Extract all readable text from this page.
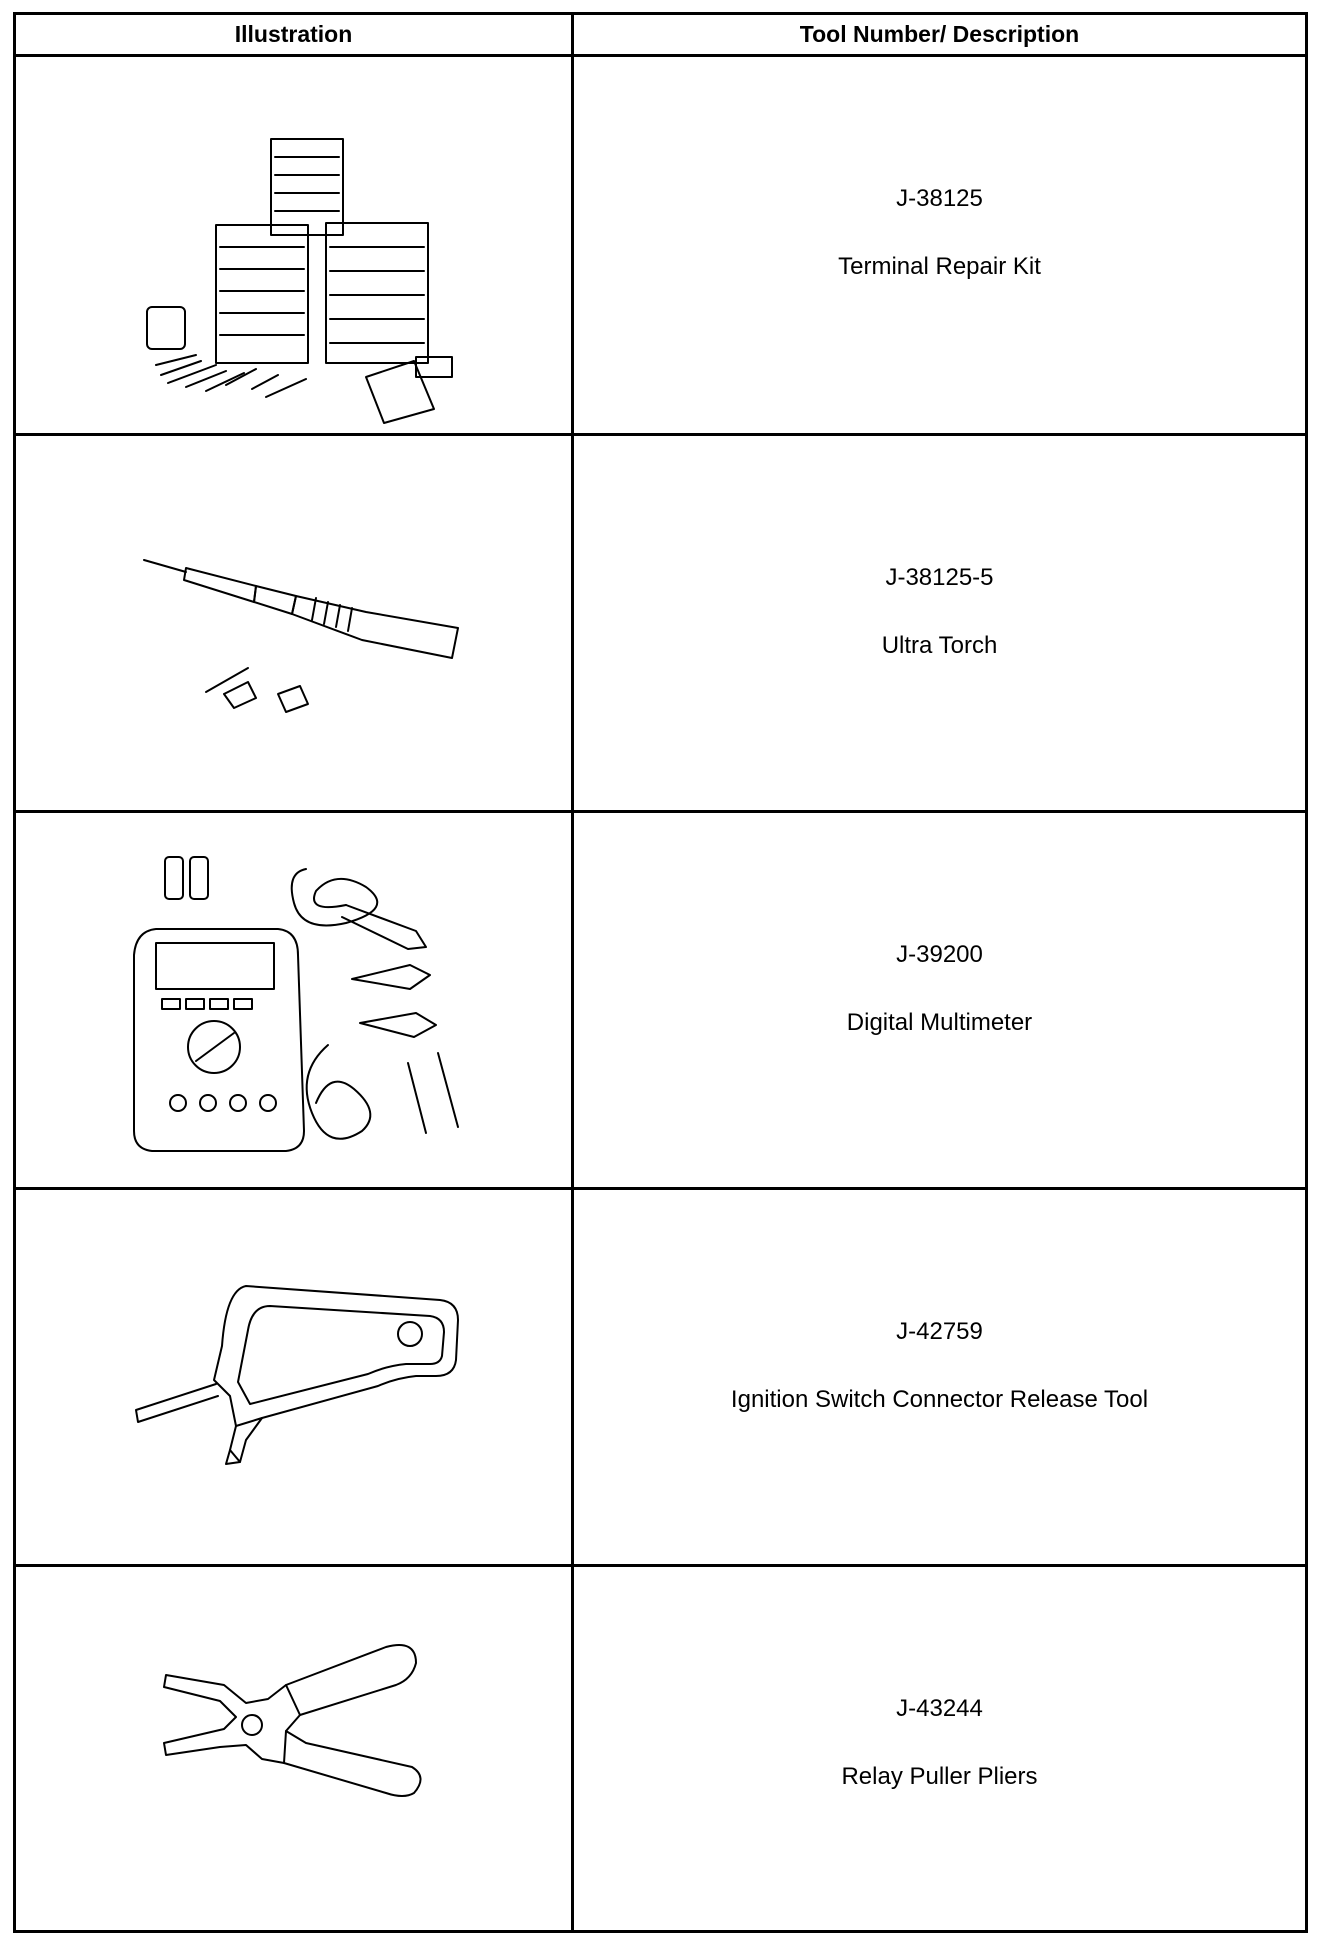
Illustration	Tool Number/ Description
J-38125
Terminal Repair Kit
J-38125-5
Ultra Torch
J-39200
Digital Multimeter
J-42759
Ignition Switch Connector Release Tool
J-43244
Relay Puller Pliers
